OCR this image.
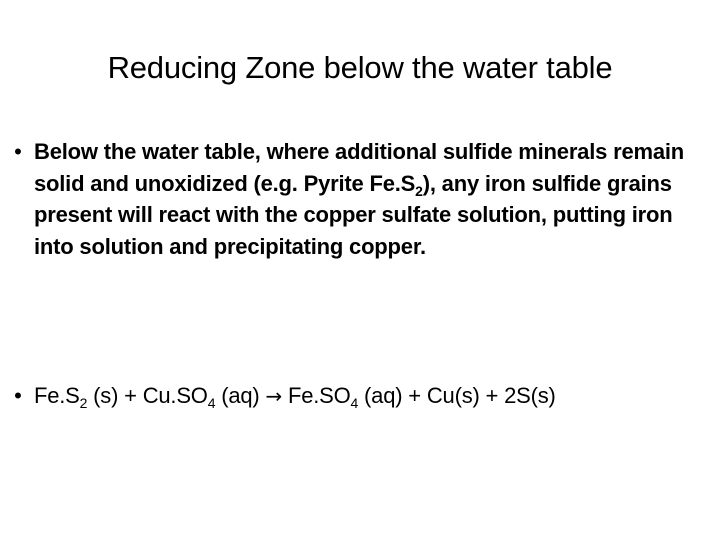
Reducing Zone below the water table
• Below the water table, where additional sulfide minerals remain solid and unoxidized (e.g. Pyrite $Fe.S_2$), any iron sulfide grains present will react with the copper sulfate solution, putting iron into solution and precipitating copper.
• $Fe.S_2$ $(s) + Cu.SO_4$ $(aq) \to Fe.SO_4$ (aq) + Cu(s) + 2S(s)
